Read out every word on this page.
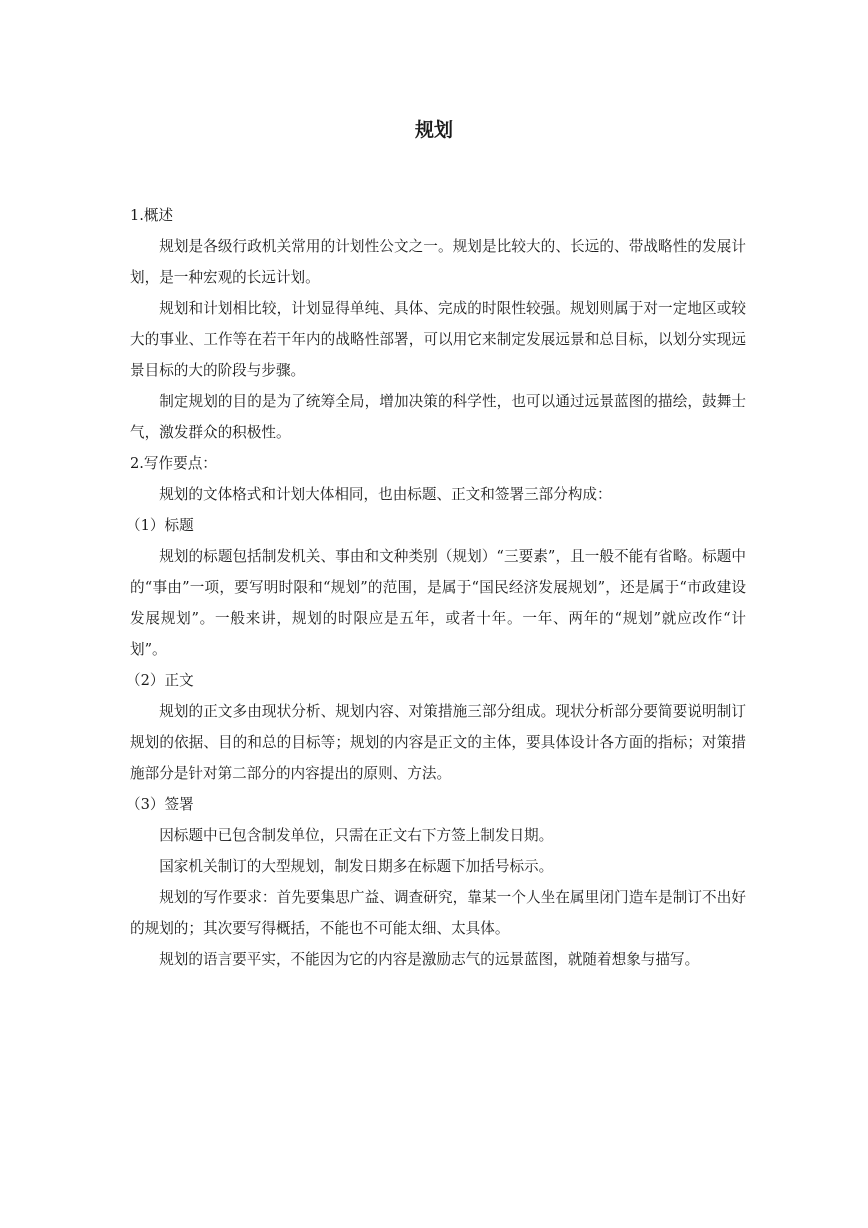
规划

1.概述

规划是各级行政机关常用的计划性公文之一。规划是比较大的、长远的、带战略性的发展计划，是一种宏观的长远计划。

规划和计划相比较，计划显得单纯、具体、完成的时限性较强。规划则属于对一定地区或较大的事业、工作等在若干年内的战略性部署，可以用它来制定发展远景和总目标，以划分实现远景目标的大的阶段与步骤。

制定规划的目的是为了统筹全局，增加决策的科学性，也可以通过远景蓝图的描绘，鼓舞士气，激发群众的积极性。

2.写作要点：

规划的文体格式和计划大体相同，也由标题、正文和签署三部分构成：

（1）标题

规划的标题包括制发机关、事由和文种类别（规划）“三要素”，且一般不能有省略。标题中的“事由”一项，要写明时限和“规划”的范围，是属于“国民经济发展规划”，还是属于“市政建设发展规划”。一般来讲，规划的时限应是五年，或者十年。一年、两年的“规划”就应改作“计划”。

（2）正文

规划的正文多由现状分析、规划内容、对策措施三部分组成。现状分析部分要简要说明制订规划的依据、目的和总的目标等；规划的内容是正文的主体，要具体设计各方面的指标；对策措施部分是针对第二部分的内容提出的原则、方法。

（3）签署

因标题中已包含制发单位，只需在正文右下方签上制发日期。

国家机关制订的大型规划，制发日期多在标题下加括号标示。

规划的写作要求：首先要集思广益、调查研究，靠某一个人坐在属里闭门造车是制订不出好的规划的；其次要写得概括，不能也不可能太细、太具体。

规划的语言要平实，不能因为它的内容是激励志气的远景蓝图，就随着想象与描写。
